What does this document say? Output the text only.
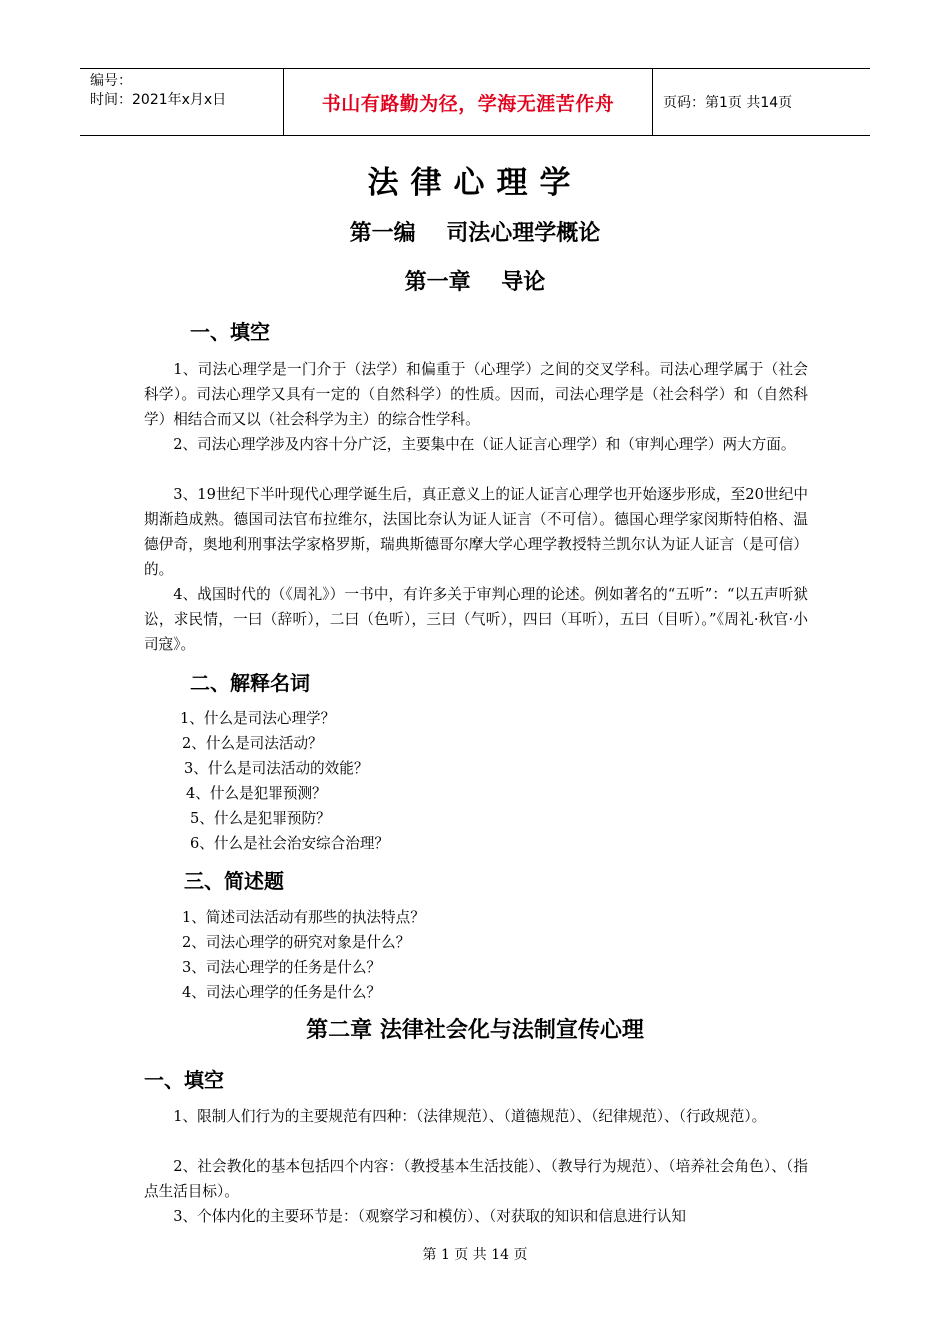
编号：
时间：2021年x月x日	书山有路勤为径，学海无涯苦作舟	页码：第1页 共14页
法律心理学
第一编    司法心理学概论
第一章    导论
一、填空
1、司法心理学是一门介于（法学）和偏重于（心理学）之间的交叉学科。司法心理学属于（社会科学）。司法心理学又具有一定的（自然科学）的性质。因而，司法心理学是（社会科学）和（自然科学）相结合而又以（社会科学为主）的综合性学科。
2、司法心理学涉及内容十分广泛，主要集中在（证人证言心理学）和（审判心理学）两大方面。
3、19世纪下半叶现代心理学诞生后，真正意义上的证人证言心理学也开始逐步形成，至20世纪中期渐趋成熟。德国司法官布拉维尔，法国比奈认为证人证言（不可信）。德国心理学家闵斯特伯格、温德伊奇，奥地利刑事法学家格罗斯，瑞典斯德哥尔摩大学心理学教授特兰凯尔认为证人证言（是可信）的。
4、战国时代的（《周礼》）一书中，有许多关于审判心理的论述。例如著名的“五听”：“以五声听狱讼，求民情，一曰（辞听），二曰（色听），三曰（气听），四曰（耳听），五曰（目听）。”《周礼·秋官·小司寇》。
二、解释名词
1、什么是司法心理学？
2、什么是司法活动？
3、什么是司法活动的效能？
4、什么是犯罪预测？
5、什么是犯罪预防？
6、什么是社会治安综合治理？
三、简述题
1、简述司法活动有那些的执法特点？
2、司法心理学的研究对象是什么？
3、司法心理学的任务是什么？
4、司法心理学的任务是什么？
第二章 法律社会化与法制宣传心理
一、填空
1、限制人们行为的主要规范有四种：（法律规范）、（道德规范）、（纪律规范）、（行政规范）。
2、社会教化的基本包括四个内容：（教授基本生活技能）、（教导行为规范）、（培养社会角色）、（指点生活目标）。
3、个体内化的主要环节是：（观察学习和模仿）、（对获取的知识和信息进行认知
第 1 页 共 14 页
